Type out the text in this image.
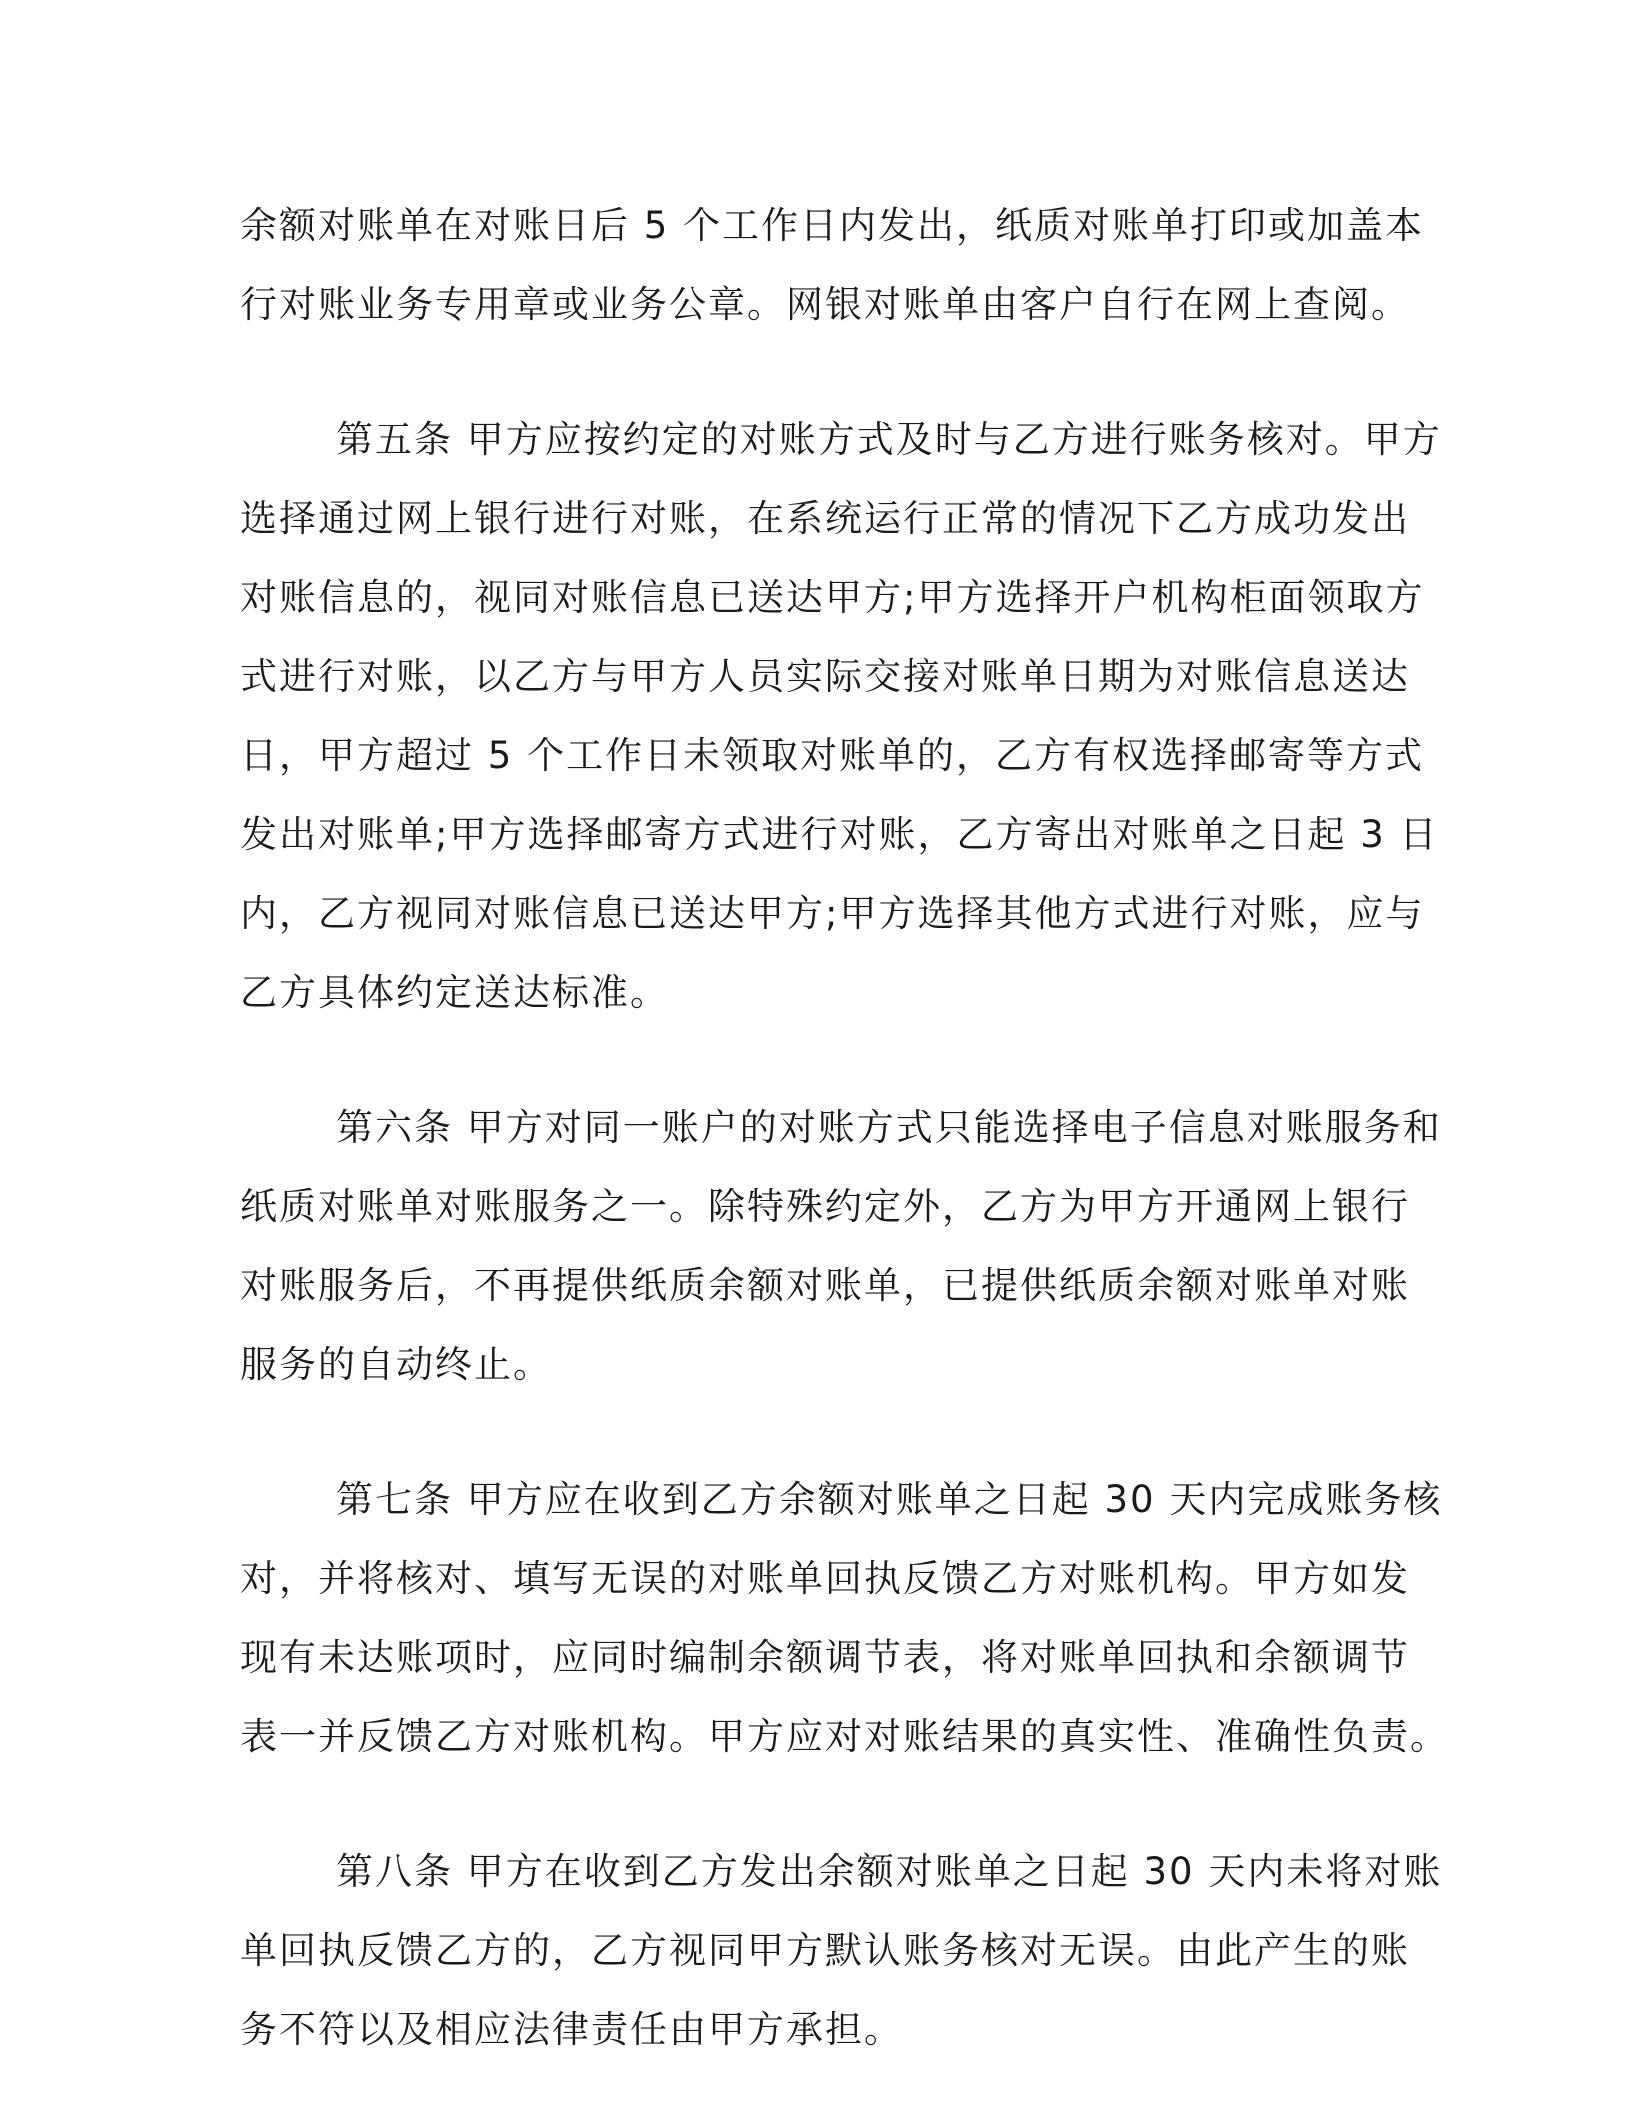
余额对账单在对账日后 5 个工作日内发出，纸质对账单打印或加盖本
行对账业务专用章或业务公章。网银对账单由客户自行在网上查阅。
第五条 甲方应按约定的对账方式及时与乙方进行账务核对。甲方
选择通过网上银行进行对账，在系统运行正常的情况下乙方成功发出
对账信息的，视同对账信息已送达甲方;甲方选择开户机构柜面领取方
式进行对账，以乙方与甲方人员实际交接对账单日期为对账信息送达
日，甲方超过 5 个工作日未领取对账单的，乙方有权选择邮寄等方式
发出对账单;甲方选择邮寄方式进行对账，乙方寄出对账单之日起 3 日
内，乙方视同对账信息已送达甲方;甲方选择其他方式进行对账，应与
乙方具体约定送达标准。
第六条 甲方对同一账户的对账方式只能选择电子信息对账服务和
纸质对账单对账服务之一。除特殊约定外，乙方为甲方开通网上银行
对账服务后，不再提供纸质余额对账单，已提供纸质余额对账单对账
服务的自动终止。
第七条 甲方应在收到乙方余额对账单之日起 30 天内完成账务核
对，并将核对、填写无误的对账单回执反馈乙方对账机构。甲方如发
现有未达账项时，应同时编制余额调节表，将对账单回执和余额调节
表一并反馈乙方对账机构。甲方应对对账结果的真实性、准确性负责。
第八条 甲方在收到乙方发出余额对账单之日起 30 天内未将对账
单回执反馈乙方的，乙方视同甲方默认账务核对无误。由此产生的账
务不符以及相应法律责任由甲方承担。
